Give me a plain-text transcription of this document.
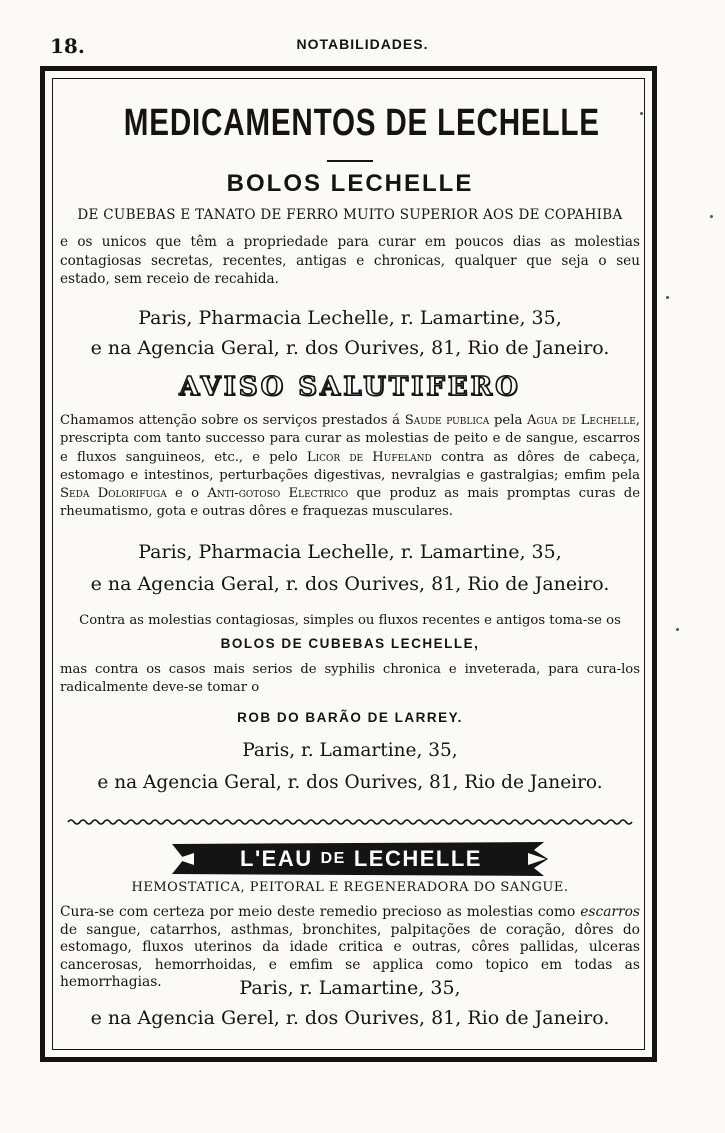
18.	NOTABILIDADES.
MEDICAMENTOS DE LECHELLE
BOLOS LECHELLE
DE CUBEBAS E TANATO DE FERRO MUITO SUPERIOR AOS DE COPAHIBA
e os unicos que têm a propriedade para curar em poucos dias as molestias contagiosas secretas, recentes, antigas e chronicas, qualquer que seja o seu estado, sem receio de recahida.
Paris, Pharmacia Lechelle, r. Lamartine, 35,
e na Agencia Geral, r. dos Ourives, 81, Rio de Janeiro.
AVISO SALUTIFERO
Chamamos attenção sobre os serviços prestados á Saude publica pela Agua de Lechelle, prescripta com tanto successo para curar as molestias de peito e de sangue, escarros e fluxos sanguineos, etc., e pelo Licor de Hufeland contra as dôres de cabeça, estomago e intestinos, perturbações digestivas, nevralgias e gastralgias; emfim pela Seda Dolorifuga e o Anti-gotoso Electrico que produz as mais promptas curas de rheumatismo, gota e outras dôres e fraquezas musculares.
Paris, Pharmacia Lechelle, r. Lamartine, 35,
e na Agencia Geral, r. dos Ourives, 81, Rio de Janeiro.
Contra as molestias contagiosas, simples ou fluxos recentes e antigos toma-se os
BOLOS DE CUBEBAS LECHELLE,
mas contra os casos mais serios de syphilis chronica e inveterada, para cura-los radicalmente deve-se tomar o
ROB DO BARÃO DE LARREY.
Paris, r. Lamartine, 35,
e na Agencia Geral, r. dos Ourives, 81, Rio de Janeiro.
L'EAU DE LECHELLE
HEMOSTATICA, PEITORAL E REGENERADORA DO SANGUE.
Cura-se com certeza por meio deste remedio precioso as molestias como escarros de sangue, catarrhos, asthmas, bronchites, palpitações de coração, dôres do estomago, fluxos uterinos da idade critica e outras, côres pallidas, ulceras cancerosas, hemorrhoidas, e emfim se applica como topico em todas as hemorrhagias.	Paris, r. Lamartine, 35,
e na Agencia Gerel, r. dos Ourives, 81, Rio de Janeiro.
